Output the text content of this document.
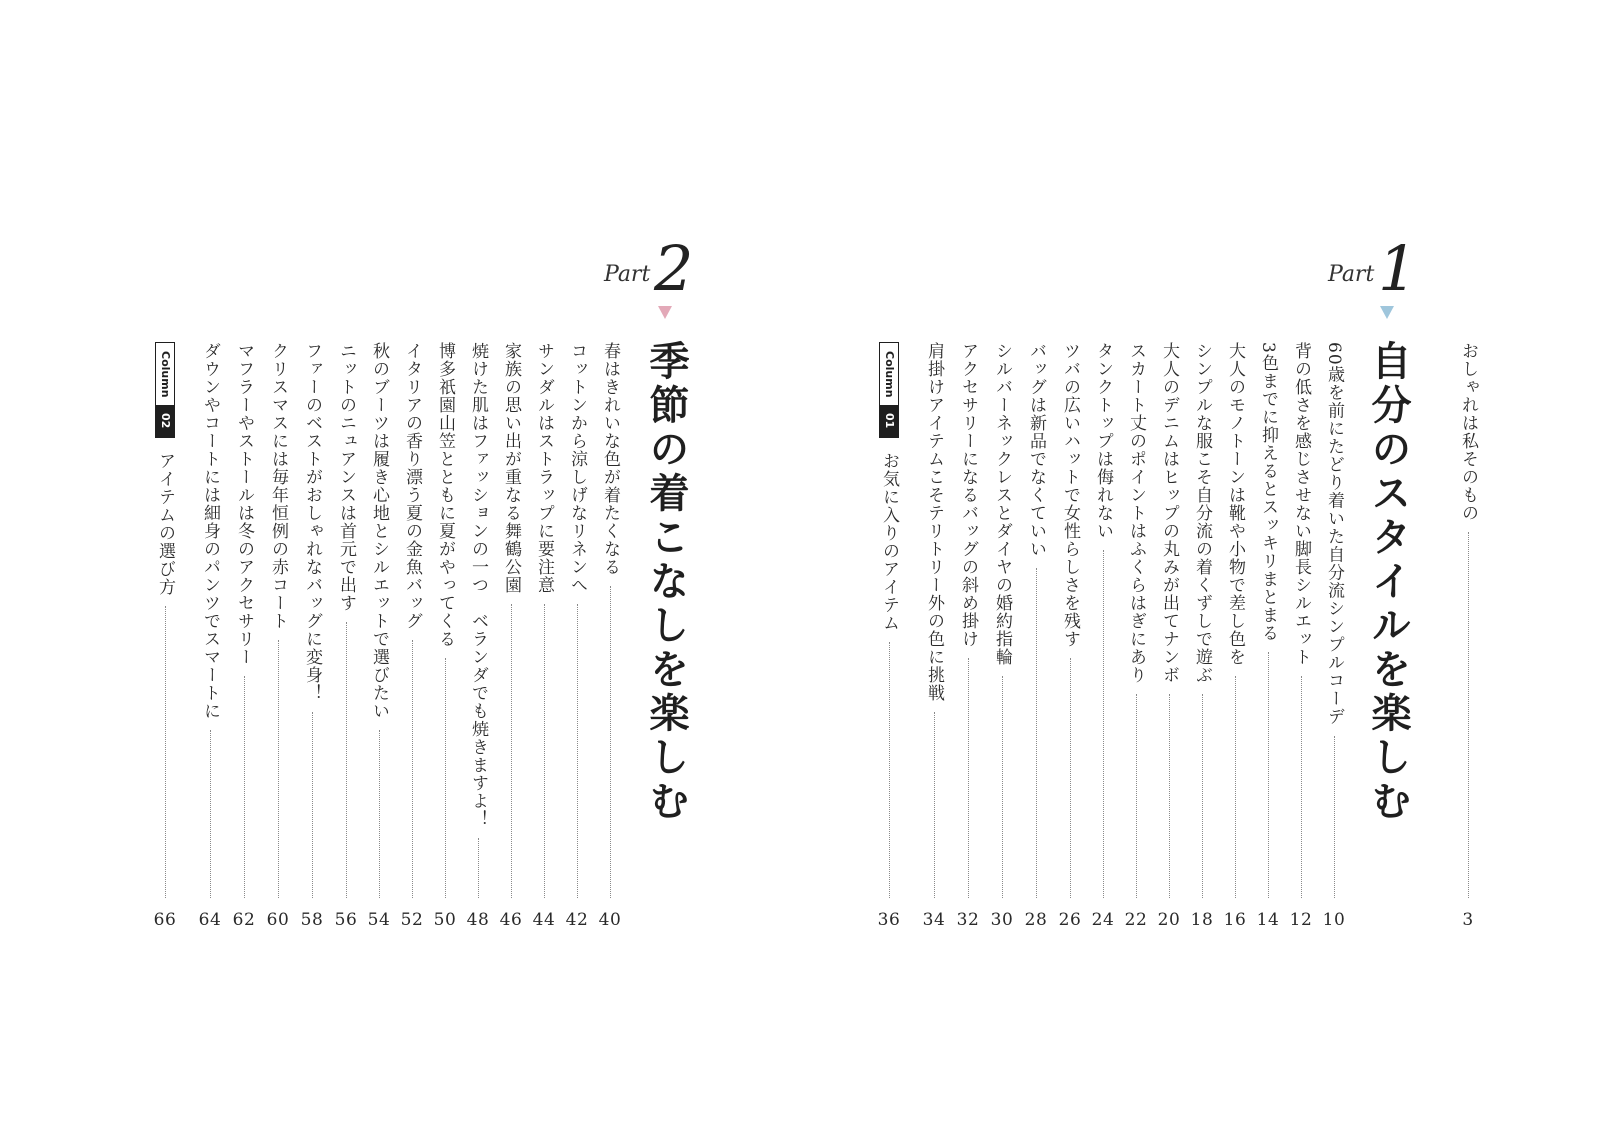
おしゃれは私そのもの
3
Part 1
自分のスタイルを楽しむ
60歳を前にたどり着いた自分流シンプルコーデ
10
背の低さを感じさせない脚長シルエット
12
3色までに抑えるとスッキリまとまる
14
大人のモノトーンは靴や小物で差し色を
16
シンプルな服こそ自分流の着くずしで遊ぶ
18
大人のデニムはヒップの丸みが出てナンボ
20
スカート丈のポイントはふくらはぎにあり
22
タンクトップは侮れない
24
ツバの広いハットで女性らしさを残す
26
バッグは新品でなくていい
28
シルバーネックレスとダイヤの婚約指輪
30
アクセサリーになるバッグの斜め掛け
32
肩掛けアイテムこそテリトリー外の色に挑戦
34
Column
01
お気に入りのアイテム
36
Part 2
季節の着こなしを楽しむ
春はきれいな色が着たくなる
40
コットンから涼しげなリネンへ
42
サンダルはストラップに要注意
44
家族の思い出が重なる舞鶴公園
46
焼けた肌はファッションの一つ　ベランダでも焼きますよ！
48
博多祇園山笠とともに夏がやってくる
50
イタリアの香り漂う夏の金魚バッグ
52
秋のブーツは履き心地とシルエットで選びたい
54
ニットのニュアンスは首元で出す
56
ファーのベストがおしゃれなバッグに変身！
58
クリスマスには毎年恒例の赤コート
60
マフラーやストールは冬のアクセサリー
62
ダウンやコートには細身のパンツでスマートに
64
Column
02
アイテムの選び方
66
